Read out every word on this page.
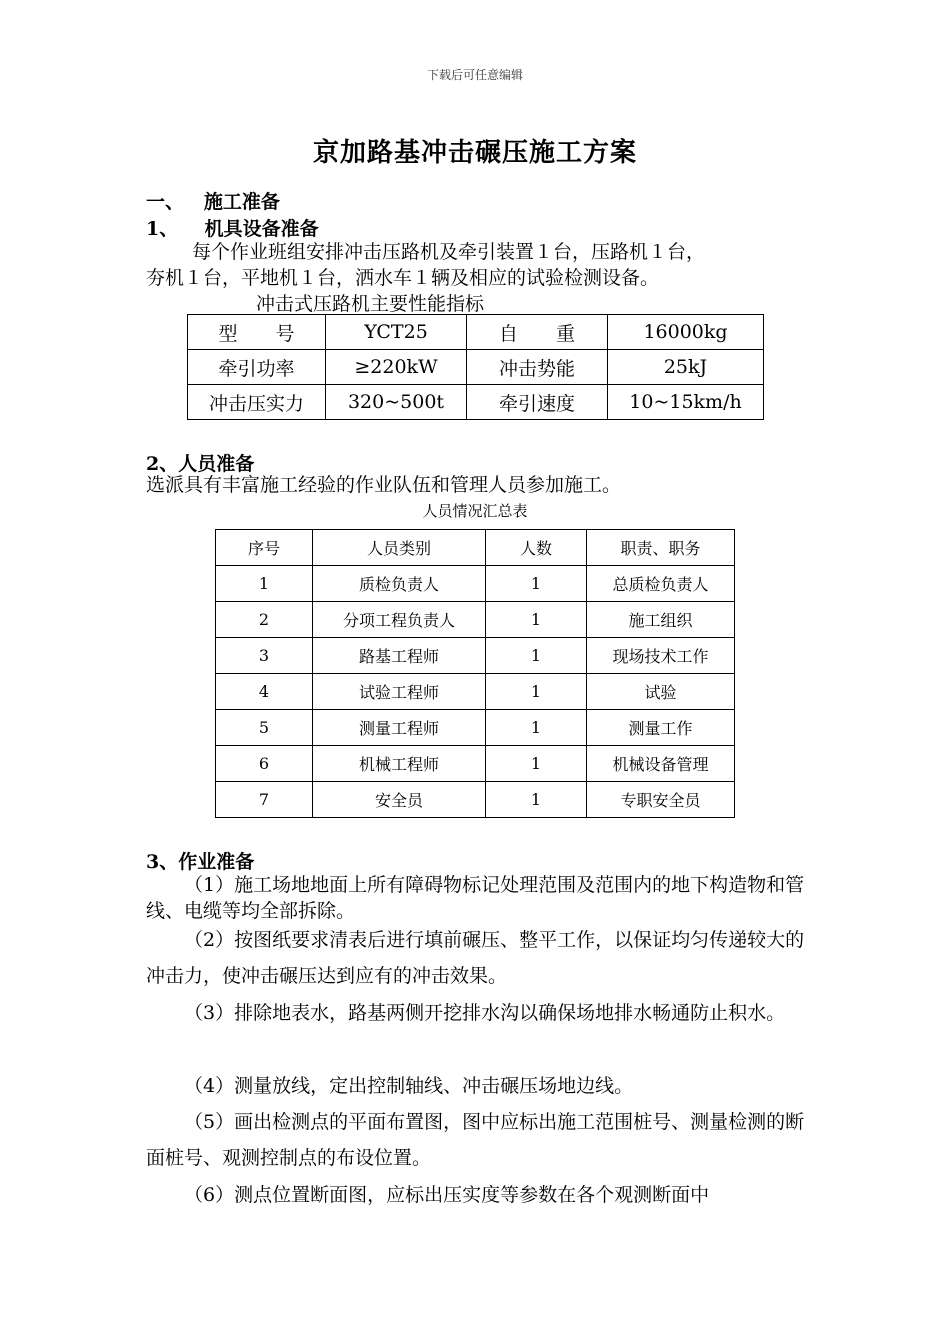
下载后可任意编辑
京加路基冲击碾压施工方案
一、   施工准备
1、    机具设备准备
每个作业班组安排冲击压路机及牵引装置１台，压路机１台，
夯机１台，平地机１台，洒水车１辆及相应的试验检测设备。
冲击式压路机主要性能指标
型　　号	YCT25	自　　重	16000kg
牵引功率	≥220kW	冲击势能	25kJ
冲击压实力	320~500t	牵引速度	10~15km/h
2、人员准备
选派具有丰富施工经验的作业队伍和管理人员参加施工。
人员情况汇总表
序号	人员类别	人数	职责、职务
1	质检负责人	1	总质检负责人
2	分项工程负责人	1	施工组织
3	路基工程师	1	现场技术工作
4	试验工程师	1	试验
5	测量工程师	1	测量工作
6	机械工程师	1	机械设备管理
7	安全员	1	专职安全员
3、作业准备
（1）施工场地地面上所有障碍物标记处理范围及范围内的地下构造物和管线、电缆等均全部拆除。
（2）按图纸要求清表后进行填前碾压、整平工作，以保证均匀传递较大的冲击力，使冲击碾压达到应有的冲击效果。
（3）排除地表水，路基两侧开挖排水沟以确保场地排水畅通防止积水。
（4）测量放线，定出控制轴线、冲击碾压场地边线。
（5）画出检测点的平面布置图，图中应标出施工范围桩号、测量检测的断面桩号、观测控制点的布设位置。
（6）测点位置断面图，应标出压实度等参数在各个观测断面中
